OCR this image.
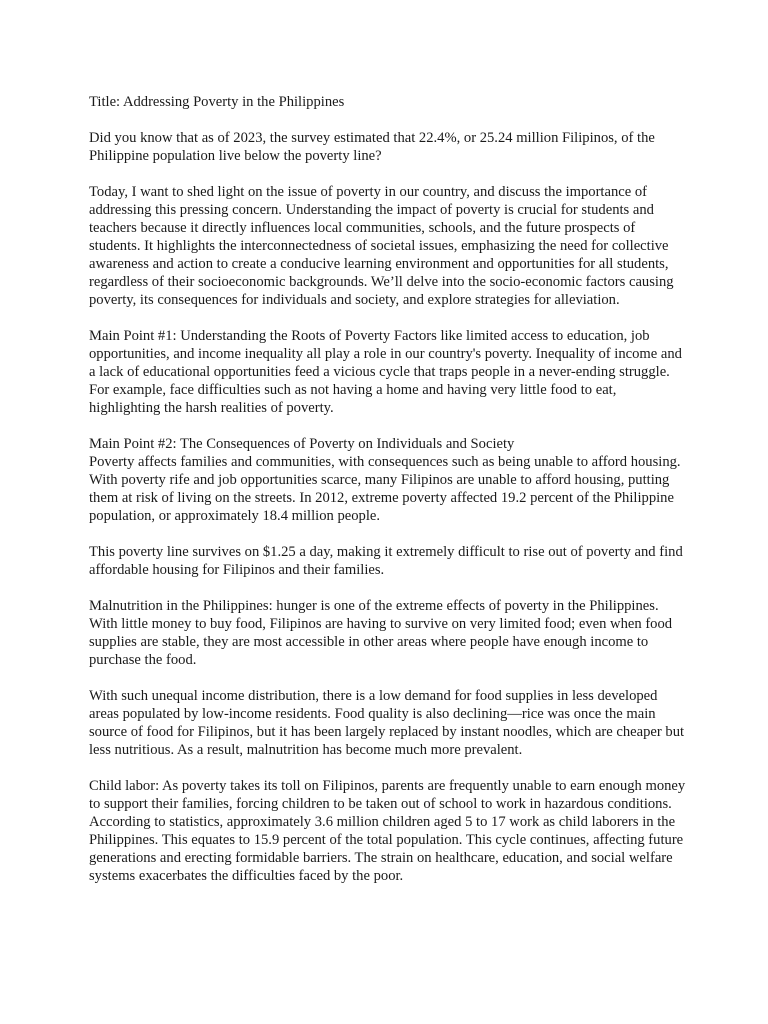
Title: Addressing Poverty in the Philippines

Did you know that as of 2023, the survey estimated that 22.4%, or 25.24 million Filipinos, of the Philippine population live below the poverty line?

Today, I want to shed light on the issue of poverty in our country, and discuss the importance of addressing this pressing concern. Understanding the impact of poverty is crucial for students and teachers because it directly influences local communities, schools, and the future prospects of students. It highlights the interconnectedness of societal issues, emphasizing the need for collective awareness and action to create a conducive learning environment and opportunities for all students, regardless of their socioeconomic backgrounds. We’ll delve into the socio-economic factors causing poverty, its consequences for individuals and society, and explore strategies for alleviation.

Main Point #1: Understanding the Roots of Poverty Factors like limited access to education, job opportunities, and income inequality all play a role in our country's poverty. Inequality of income and a lack of educational opportunities feed a vicious cycle that traps people in a never-ending struggle. For example, face difficulties such as not having a home and having very little food to eat, highlighting the harsh realities of poverty.

Main Point #2: The Consequences of Poverty on Individuals and Society
Poverty affects families and communities, with consequences such as being unable to afford housing. With poverty rife and job opportunities scarce, many Filipinos are unable to afford housing, putting them at risk of living on the streets. In 2012, extreme poverty affected 19.2 percent of the Philippine population, or approximately 18.4 million people.

This poverty line survives on $1.25 a day, making it extremely difficult to rise out of poverty and find affordable housing for Filipinos and their families.

Malnutrition in the Philippines: hunger is one of the extreme effects of poverty in the Philippines. With little money to buy food, Filipinos are having to survive on very limited food; even when food supplies are stable, they are most accessible in other areas where people have enough income to purchase the food.

With such unequal income distribution, there is a low demand for food supplies in less developed areas populated by low-income residents. Food quality is also declining—rice was once the main source of food for Filipinos, but it has been largely replaced by instant noodles, which are cheaper but less nutritious. As a result, malnutrition has become much more prevalent.

Child labor: As poverty takes its toll on Filipinos, parents are frequently unable to earn enough money to support their families, forcing children to be taken out of school to work in hazardous conditions. According to statistics, approximately 3.6 million children aged 5 to 17 work as child laborers in the Philippines. This equates to 15.9 percent of the total population. This cycle continues, affecting future generations and erecting formidable barriers. The strain on healthcare, education, and social welfare systems exacerbates the difficulties faced by the poor.
